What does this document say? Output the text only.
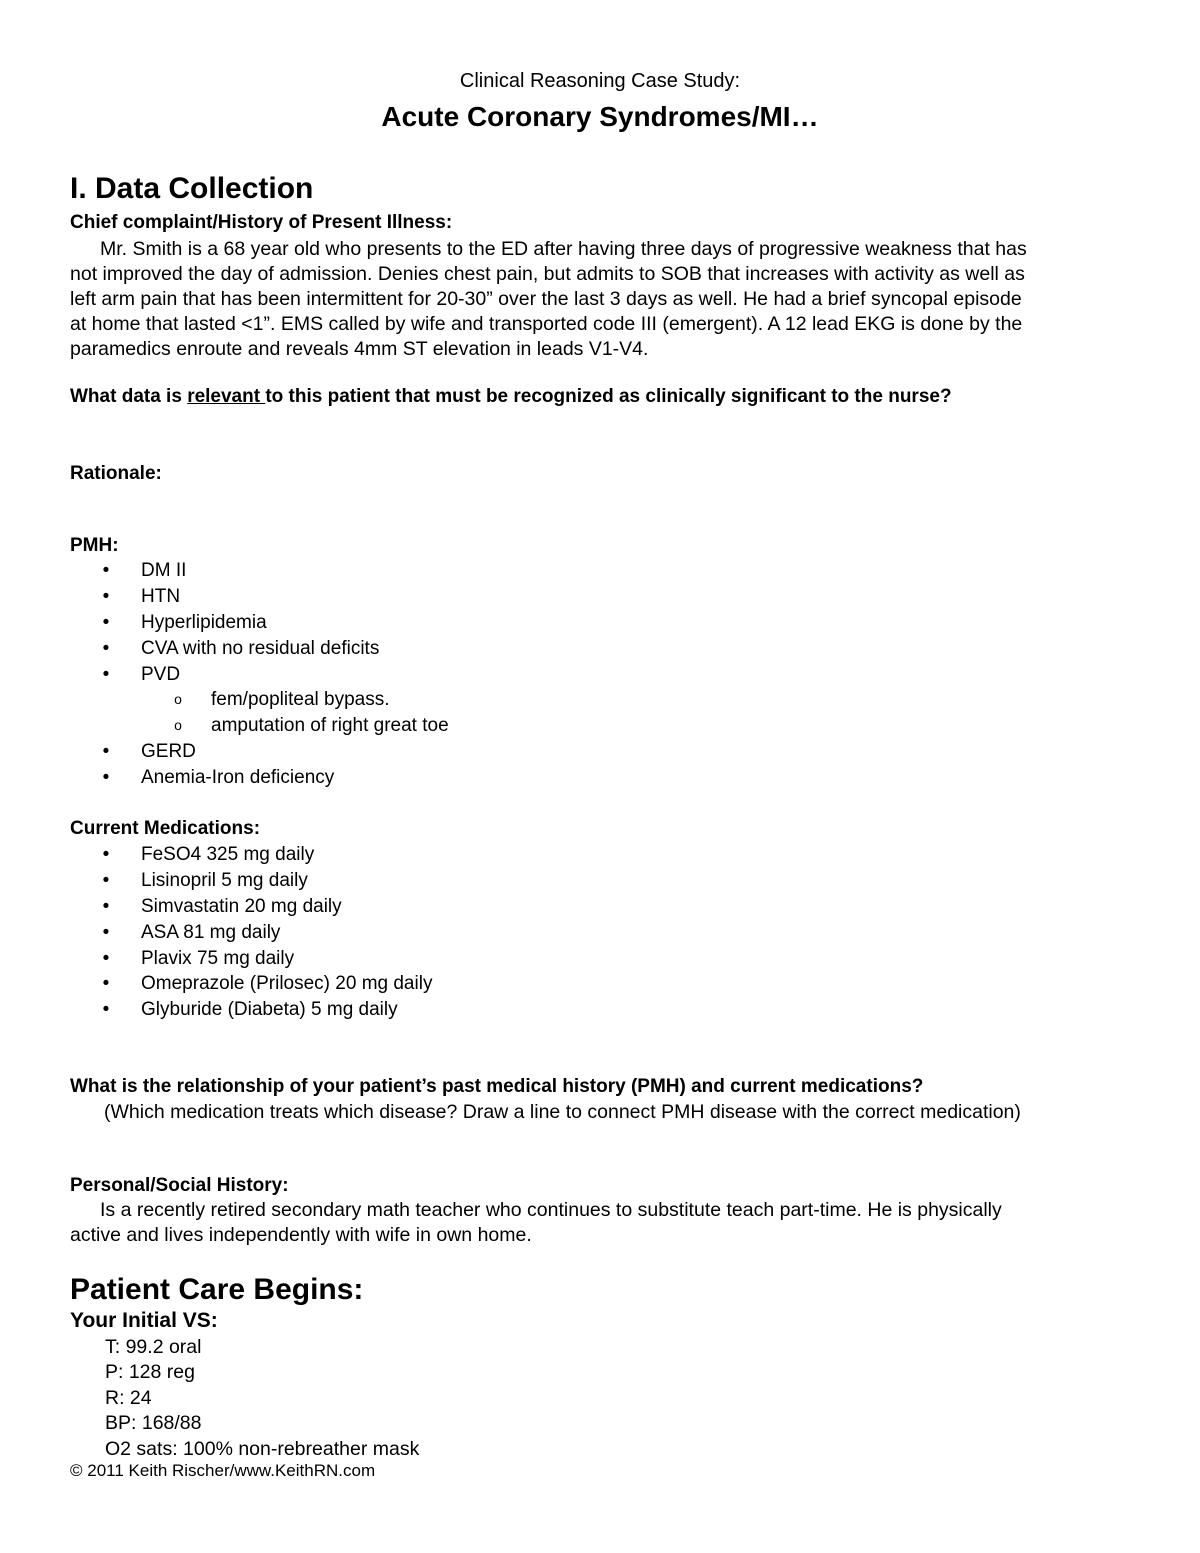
Clinical Reasoning Case Study:
Acute Coronary Syndromes/MI…
I. Data Collection
Chief complaint/History of Present Illness:
Mr. Smith is a 68 year old who presents to the ED after having three days of progressive weakness that has
not improved the day of admission. Denies chest pain, but admits to SOB that increases with activity as well as
left arm pain that has been intermittent for 20-30” over the last 3 days as well. He had a brief syncopal episode
at home that lasted <1”. EMS called by wife and transported code III (emergent). A 12 lead EKG is done by the
paramedics enroute and reveals 4mm ST elevation in leads V1-V4.
What data is relevant to this patient that must be recognized as clinically significant to the nurse?
Rationale:
PMH:
• DM II
• HTN
• Hyperlipidemia
• CVA with no residual deficits
• PVD
o fem/popliteal bypass.
o amputation of right great toe
• GERD
• Anemia-Iron deficiency
Current Medications:
• FeSO4 325 mg daily
• Lisinopril 5 mg daily
• Simvastatin 20 mg daily
• ASA 81 mg daily
• Plavix 75 mg daily
• Omeprazole (Prilosec) 20 mg daily
• Glyburide (Diabeta) 5 mg daily
What is the relationship of your patient’s past medical history (PMH) and current medications?
(Which medication treats which disease? Draw a line to connect PMH disease with the correct medication)
Personal/Social History:
Is a recently retired secondary math teacher who continues to substitute teach part-time. He is physically
active and lives independently with wife in own home.
Patient Care Begins:
Your Initial VS:
T: 99.2 oral
P: 128 reg
R: 24
BP: 168/88
O2 sats: 100% non-rebreather mask
© 2011 Keith Rischer/www.KeithRN.com
